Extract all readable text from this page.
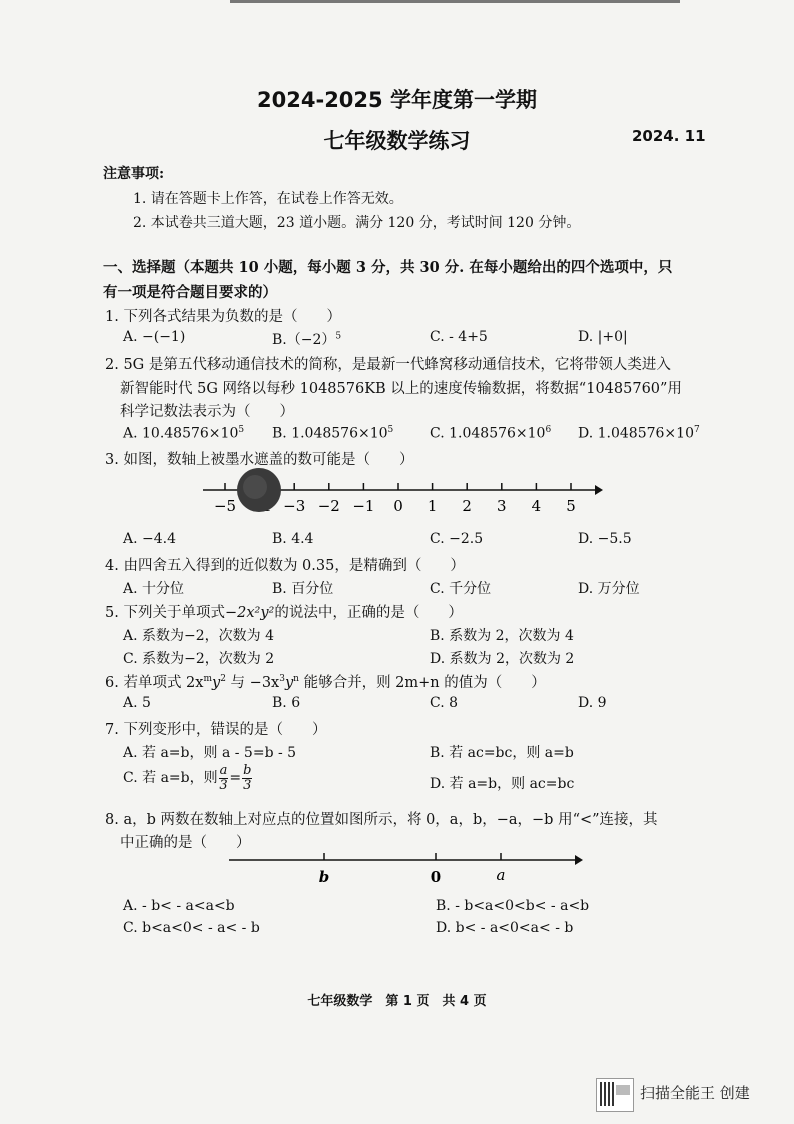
2024-2025 学年度第一学期
七年级数学练习	2024. 11
注意事项:
1. 请在答题卡上作答，在试卷上作答无效。
2. 本试卷共三道大题，23 道小题。满分 120 分，考试时间 120 分钟。
一、选择题（本题共 10 小题，每小题 3 分，共 30 分. 在每小题给出的四个选项中，只
有一项是符合题目要求的）
1. 下列各式结果为负数的是（　　）
A. −(−1)	$B.(-2)^5$	C. - 4+5	D. |+0|
2. 5G 是第五代移动通信技术的简称，是最新一代蜂窝移动通信技术，它将带领人类进入
新智能时代 5G 网络以每秒 1048576KB 以上的速度传输数据，将数据“10485760”用
科学记数法表示为（　　）
A. $10.48576\times 10^5$ B. $1.048576\times 10^5$	C. $1.048576\times 10^6$ D. $1.048576\times 10^7$
3. 如图，数轴上被墨水遮盖的数可能是（　　）
−5	−3 −2 −1 0 1 2 3 4 5
A. −4.4	B. 4.4	C. −2.5	D. −5.5
4. 由四舍五入得到的近似数为 0.35，是精确到（　　）
A. 十分位	B. 百分位	C. 千分位	D. 万分位
5. 下列关于单项式−2x²y²的说法中，正确的是（　　）
A. 系数为−2，次数为 4	B. 系数为 2，次数为 4
C. 系数为−2，次数为 2	D. 系数为 2，次数为 2
6. 若单项式 $2x^my^2$ 与 $-3x^3y^n$ 能够合并，则 2m+n 的值为（　　）
A. 5	B. 6	C. 8	D. 9
7. 下列变形中，错误的是（　　）
A. 若 a=b，则 a - 5=b - 5	B. 若 ac=bc，则 a=b
C. 若 a=b，则 $\frac{a}{3} = \frac{b}{3}$	D. 若 a=b，则 ac=bc
8. a，b 两数在数轴上对应点的位置如图所示，将 0，a，b，−a，−b 用“<”连接，其
中正确的是（　　）
b	0	a
A. - b< - a<a<b	B. - b<a<0<b< - a<b
C. b<a<0< - a< - b	D. b< - a<0<a< - b
七年级数学　第 1 页　共 4 页
扫描全能王 创建
